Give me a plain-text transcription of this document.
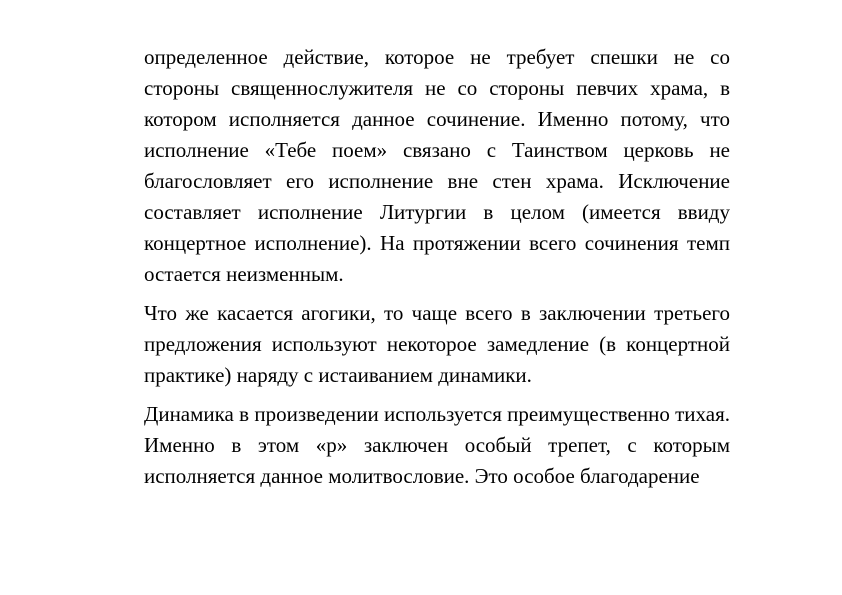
определенное действие, которое не требует спешки не со стороны священнослужителя не со стороны певчих храма, в котором исполняется данное сочинение. Именно потому, что исполнение «Тебе поем» связано с Таинством церковь не благословляет его исполнение вне стен храма. Исключение составляет исполнение Литургии в целом (имеется ввиду концертное исполнение). На протяжении всего сочинения темп остается неизменным.

Что же касается агогики, то чаще всего в заключении третьего предложения используют некоторое замедление (в концертной практике) наряду с истаиванием динамики.

Динамика в произведении используется преимущественно тихая. Именно в этом «p» заключен особый трепет, с которым исполняется данное молитвословие. Это особое благодарение
